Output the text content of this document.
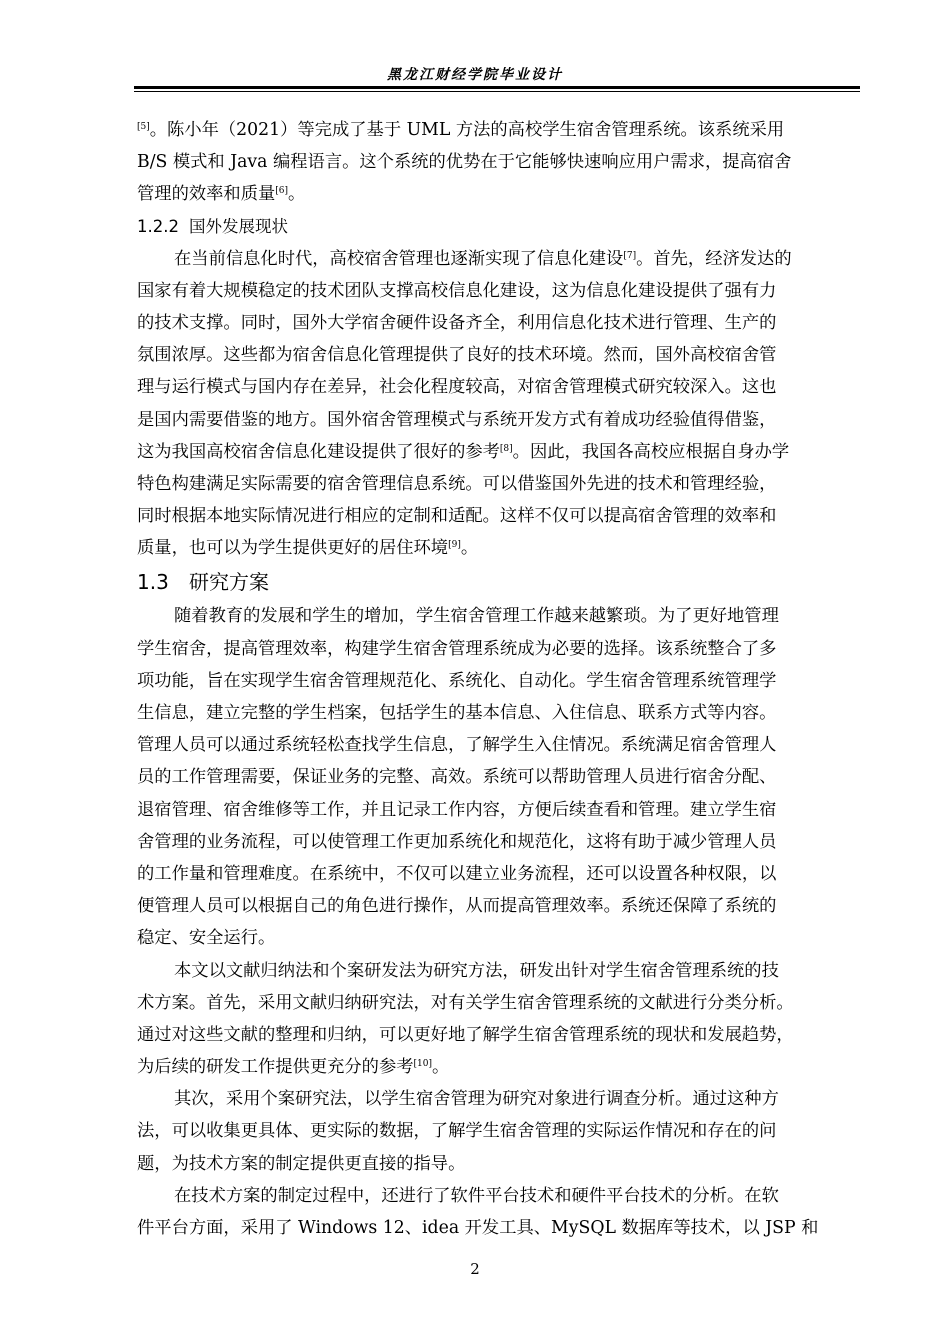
黑龙江财经学院毕业设计
[5]。陈小年（2021）等完成了基于 UML 方法的高校学生宿舍管理系统。该系统采用
B/S 模式和 Java 编程语言。这个系统的优势在于它能够快速响应用户需求，提高宿舍
管理的效率和质量[6]。
1.2.2 国外发展现状
在当前信息化时代，高校宿舍管理也逐渐实现了信息化建设[7]。首先，经济发达的
国家有着大规模稳定的技术团队支撑高校信息化建设，这为信息化建设提供了强有力
的技术支撑。同时，国外大学宿舍硬件设备齐全，利用信息化技术进行管理、生产的
氛围浓厚。这些都为宿舍信息化管理提供了良好的技术环境。然而，国外高校宿舍管
理与运行模式与国内存在差异，社会化程度较高，对宿舍管理模式研究较深入。这也
是国内需要借鉴的地方。国外宿舍管理模式与系统开发方式有着成功经验值得借鉴，
这为我国高校宿舍信息化建设提供了很好的参考[8]。因此，我国各高校应根据自身办学
特色构建满足实际需要的宿舍管理信息系统。可以借鉴国外先进的技术和管理经验，
同时根据本地实际情况进行相应的定制和适配。这样不仅可以提高宿舍管理的效率和
质量，也可以为学生提供更好的居住环境[9]。
1.3 研究方案
随着教育的发展和学生的增加，学生宿舍管理工作越来越繁琐。为了更好地管理
学生宿舍，提高管理效率，构建学生宿舍管理系统成为必要的选择。该系统整合了多
项功能，旨在实现学生宿舍管理规范化、系统化、自动化。学生宿舍管理系统管理学
生信息，建立完整的学生档案，包括学生的基本信息、入住信息、联系方式等内容。
管理人员可以通过系统轻松查找学生信息，了解学生入住情况。系统满足宿舍管理人
员的工作管理需要，保证业务的完整、高效。系统可以帮助管理人员进行宿舍分配、
退宿管理、宿舍维修等工作，并且记录工作内容，方便后续查看和管理。建立学生宿
舍管理的业务流程，可以使管理工作更加系统化和规范化，这将有助于减少管理人员
的工作量和管理难度。在系统中，不仅可以建立业务流程，还可以设置各种权限，以
便管理人员可以根据自己的角色进行操作，从而提高管理效率。系统还保障了系统的
稳定、安全运行。
本文以文献归纳法和个案研发法为研究方法，研发出针对学生宿舍管理系统的技
术方案。首先，采用文献归纳研究法，对有关学生宿舍管理系统的文献进行分类分析。
通过对这些文献的整理和归纳，可以更好地了解学生宿舍管理系统的现状和发展趋势，
为后续的研发工作提供更充分的参考[10]。
其次，采用个案研究法，以学生宿舍管理为研究对象进行调查分析。通过这种方
法，可以收集更具体、更实际的数据，了解学生宿舍管理的实际运作情况和存在的问
题，为技术方案的制定提供更直接的指导。
在技术方案的制定过程中，还进行了软件平台技术和硬件平台技术的分析。在软
件平台方面，采用了 Windows 12、idea 开发工具、MySQL 数据库等技术，以 JSP 和
2
